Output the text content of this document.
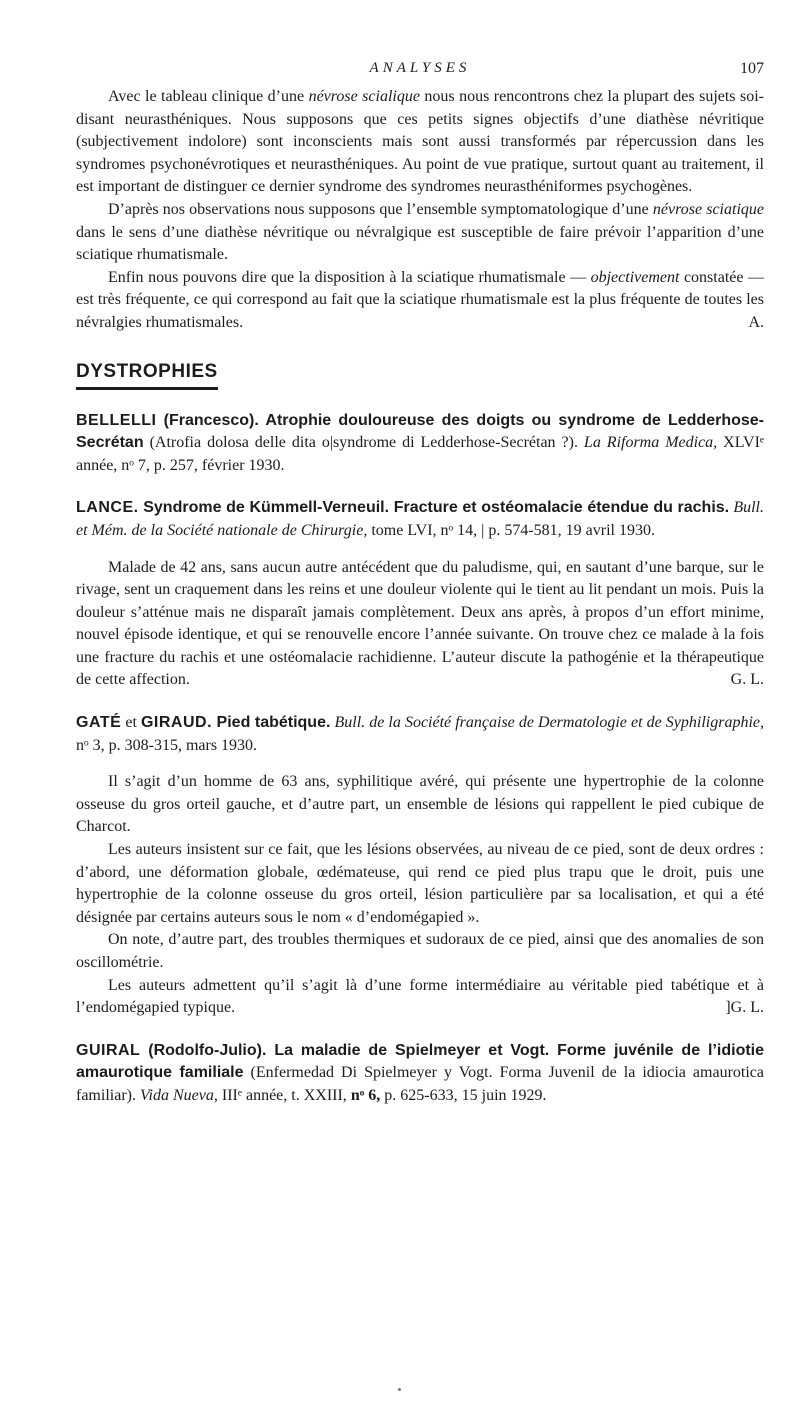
ANALYSES	107

Avec le tableau clinique d’une névrose scialique nous nous rencontrons chez la plupart des sujets soi-disant neurasthéniques. Nous supposons que ces petits signes objectifs d’une diathèse névritique (subjectivement indolore) sont inconscients mais sont aussi transformés par répercussion dans les syndromes psychonévrotiques et neurasthéniques. Au point de vue pratique, surtout quant au traitement, il est important de distinguer ce dernier syndrome des syndromes neurasthéniformes psychogènes.

D’après nos observations nous supposons que l’ensemble symptomatologique d’une névrose sciatique dans le sens d’une diathèse névritique ou névralgique est susceptible de faire prévoir l’apparition d’une sciatique rhumatismale.

Enfin nous pouvons dire que la disposition à la sciatique rhumatismale — objectivement constatée — est très fréquente, ce qui correspond au fait que la sciatique rhumatismale est la plus fréquente de toutes les névralgies rhumatismales.	A.

DYSTROPHIES

BELLELLI (Francesco). Atrophie douloureuse des doigts ou syndrome de Ledderhose-Secrétan (Atrofia dolosa delle dita o|syndrome di Ledderhose-Secrétan ?). La Riforma Medica, XLVIᵉ année, nᵒ 7, p. 257, février 1930.

LANCE. Syndrome de Kümmell-Verneuil. Fracture et ostéomalacie étendue du rachis. Bull. et Mém. de la Société nationale de Chirurgie, tome LVI, nᵒ 14, | p. 574-581, 19 avril 1930.

Malade de 42 ans, sans aucun autre antécédent que du paludisme, qui, en sautant d’une barque, sur le rivage, sent un craquement dans les reins et une douleur violente qui le tient au lit pendant un mois. Puis la douleur s’atténue mais ne disparaît jamais complètement. Deux ans après, à propos d’un effort minime, nouvel épisode identique, et qui se renouvelle encore l’année suivante. On trouve chez ce malade à la fois une fracture du rachis et une ostéomalacie rachidienne. L’auteur discute la pathogénie et la thérapeutique de cette affection.	G. L.

GATÉ et GIRAUD. Pied tabétique. Bull. de la Société française de Dermatologie et de Syphiligraphie, nᵒ 3, p. 308-315, mars 1930.

Il s’agit d’un homme de 63 ans, syphilitique avéré, qui présente une hypertrophie de la colonne osseuse du gros orteil gauche, et d’autre part, un ensemble de lésions qui rappellent le pied cubique de Charcot.

Les auteurs insistent sur ce fait, que les lésions observées, au niveau de ce pied, sont de deux ordres : d’abord, une déformation globale, œdémateuse, qui rend ce pied plus trapu que le droit, puis une hypertrophie de la colonne osseuse du gros orteil, lésion particulière par sa localisation, et qui a été désignée par certains auteurs sous le nom « d’endomégapied ».

On note, d’autre part, des troubles thermiques et sudoraux de ce pied, ainsi que des anomalies de son oscillométrie.

Les auteurs admettent qu’il s’agit là d’une forme intermédiaire au véritable pied tabétique et à l’endomégapied typique.	]G. L.

GUIRAL (Rodolfo-Julio). La maladie de Spielmeyer et Vogt. Forme juvénile de l’idiotie amaurotique familiale (Enfermedad Di Spielmeyer y Vogt. Forma Juvenil de la idiocia amaurotica familiar). Vida Nueva, IIIᵉ année, t. XXIII, nᵒ 6, p. 625-633, 15 juin 1929.
